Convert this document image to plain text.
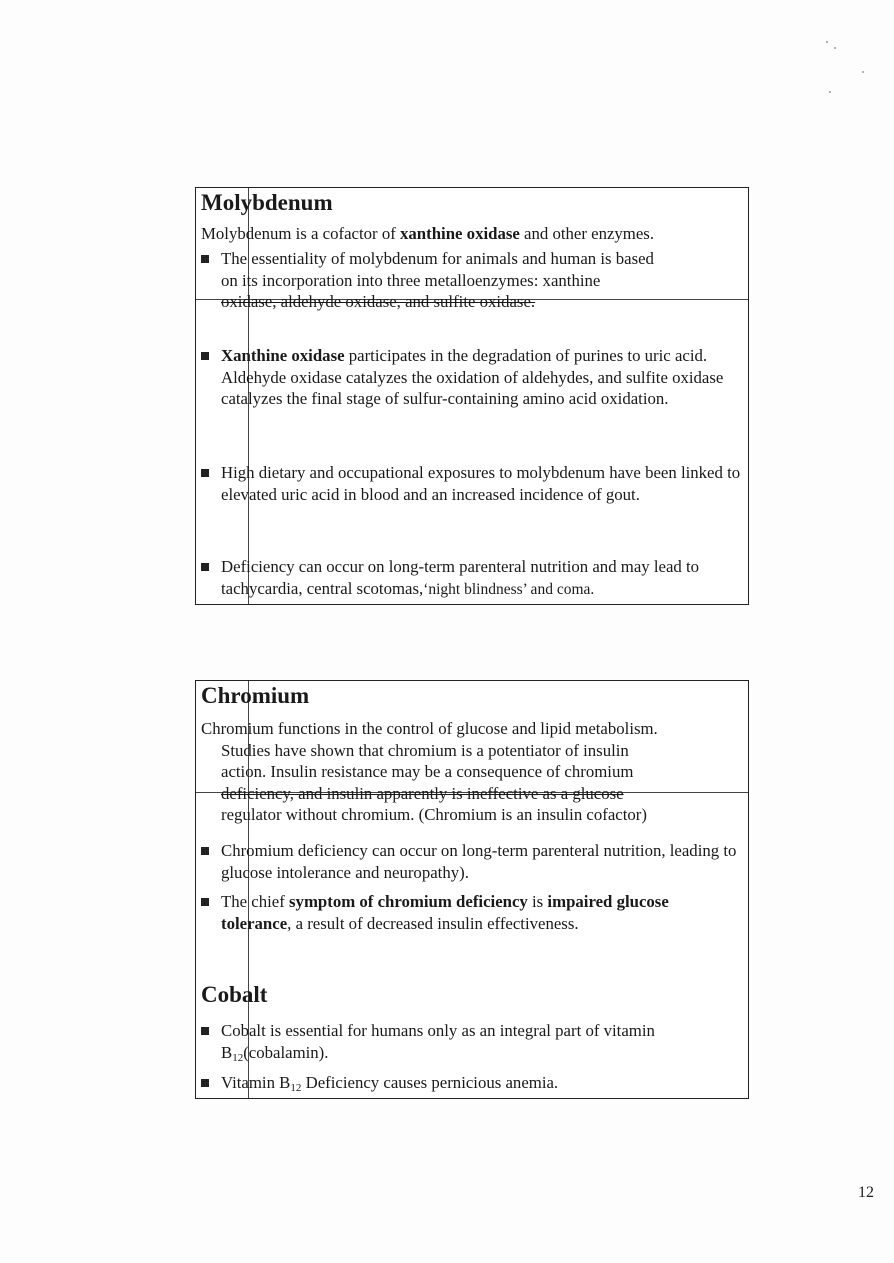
Molybdenum

Molybdenum is a cofactor of xanthine oxidase and other enzymes.

The essentiality of molybdenum for animals and human is based
on its incorporation into three metalloenzymes: xanthine
oxidase, aldehyde oxidase, and sulfite oxidase.
Xanthine oxidase participates in the degradation of purines to uric acid. Aldehyde oxidase catalyzes the oxidation of aldehydes, and sulfite oxidase catalyzes the final stage of sulfur-containing amino acid oxidation.
High dietary and occupational exposures to molybdenum have been linked to elevated uric acid in blood and an increased incidence of gout.
Deficiency can occur on long-term parenteral nutrition and may lead to tachycardia, central scotomas,‘night blindness’ and coma.
Chromium
Chromium functions in the control of glucose and lipid metabolism.
Studies have shown that chromium is a potentiator of insulin
action. Insulin resistance may be a consequence of chromium
deficiency, and insulin apparently is ineffective as a glucose
regulator without chromium. (Chromium is an insulin cofactor)
Chromium deficiency can occur on long-term parenteral nutrition, leading to glucose intolerance and neuropathy).
The chief symptom of chromium deficiency is impaired glucose tolerance, a result of decreased insulin effectiveness.
Cobalt
Cobalt is essential for humans only as an integral part of vitamin $B_{12}(cobalamin)$.
Vitamin $B_{12}$ Deficiency causes pernicious anemia.
12
